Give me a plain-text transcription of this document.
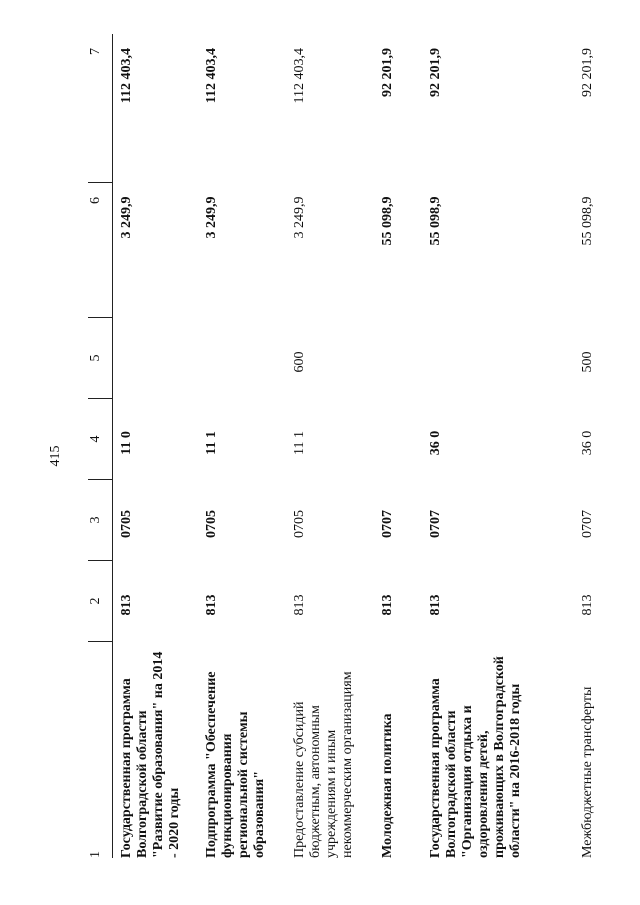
415
1	2	3	4	5	6	7
Государственная программа Волгоградской области "Развитие образования" на 2014 - 2020 годы	813	0705	11 0		3 249,9	112 403,4
Подпрограмма "Обеспечение функционирования региональной системы образования"	813	0705	11 1		3 249,9	112 403,4
Предоставление субсидий бюджетным, автономным учреждениям и иным некоммерческим организациям	813	0705	11 1	600	3 249,9	112 403,4
Молодежная политика	813	0707			55 098,9	92 201,9
Государственная программа Волгоградской области "Организация отдыха и оздоровления детей, проживающих в Волгоградской области" на 2016-2018 годы	813	0707	36 0		55 098,9	92 201,9
Межбюджетные трансферты	813	0707	36 0	500	55 098,9	92 201,9
